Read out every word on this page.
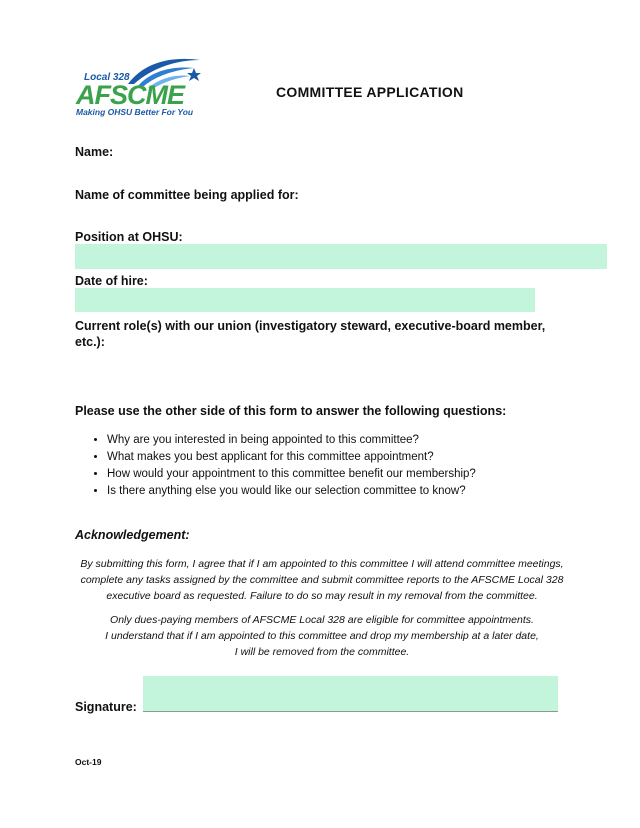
Local 328
AFSCME
Making OHSU Better For You
COMMITTEE APPLICATION
Name:
Name of committee being applied for:
Position at OHSU:
Date of hire:
Current role(s) with our union (investigatory steward, executive-board member, etc.):
Please use the other side of this form to answer the following questions:
• Why are you interested in being appointed to this committee?
• What makes you best applicant for this committee appointment?
• How would your appointment to this committee benefit our membership?
• Is there anything else you would like our selection committee to know?
Acknowledgement:
By submitting this form, I agree that if I am appointed to this committee I will attend committee meetings, complete any tasks assigned by the committee and submit committee reports to the AFSCME Local 328 executive board as requested. Failure to do so may result in my removal from the committee.
Only dues-paying members of AFSCME Local 328 are eligible for committee appointments.
I understand that if I am appointed to this committee and drop my membership at a later date,
I will be removed from the committee.
Signature:
Oct-19
